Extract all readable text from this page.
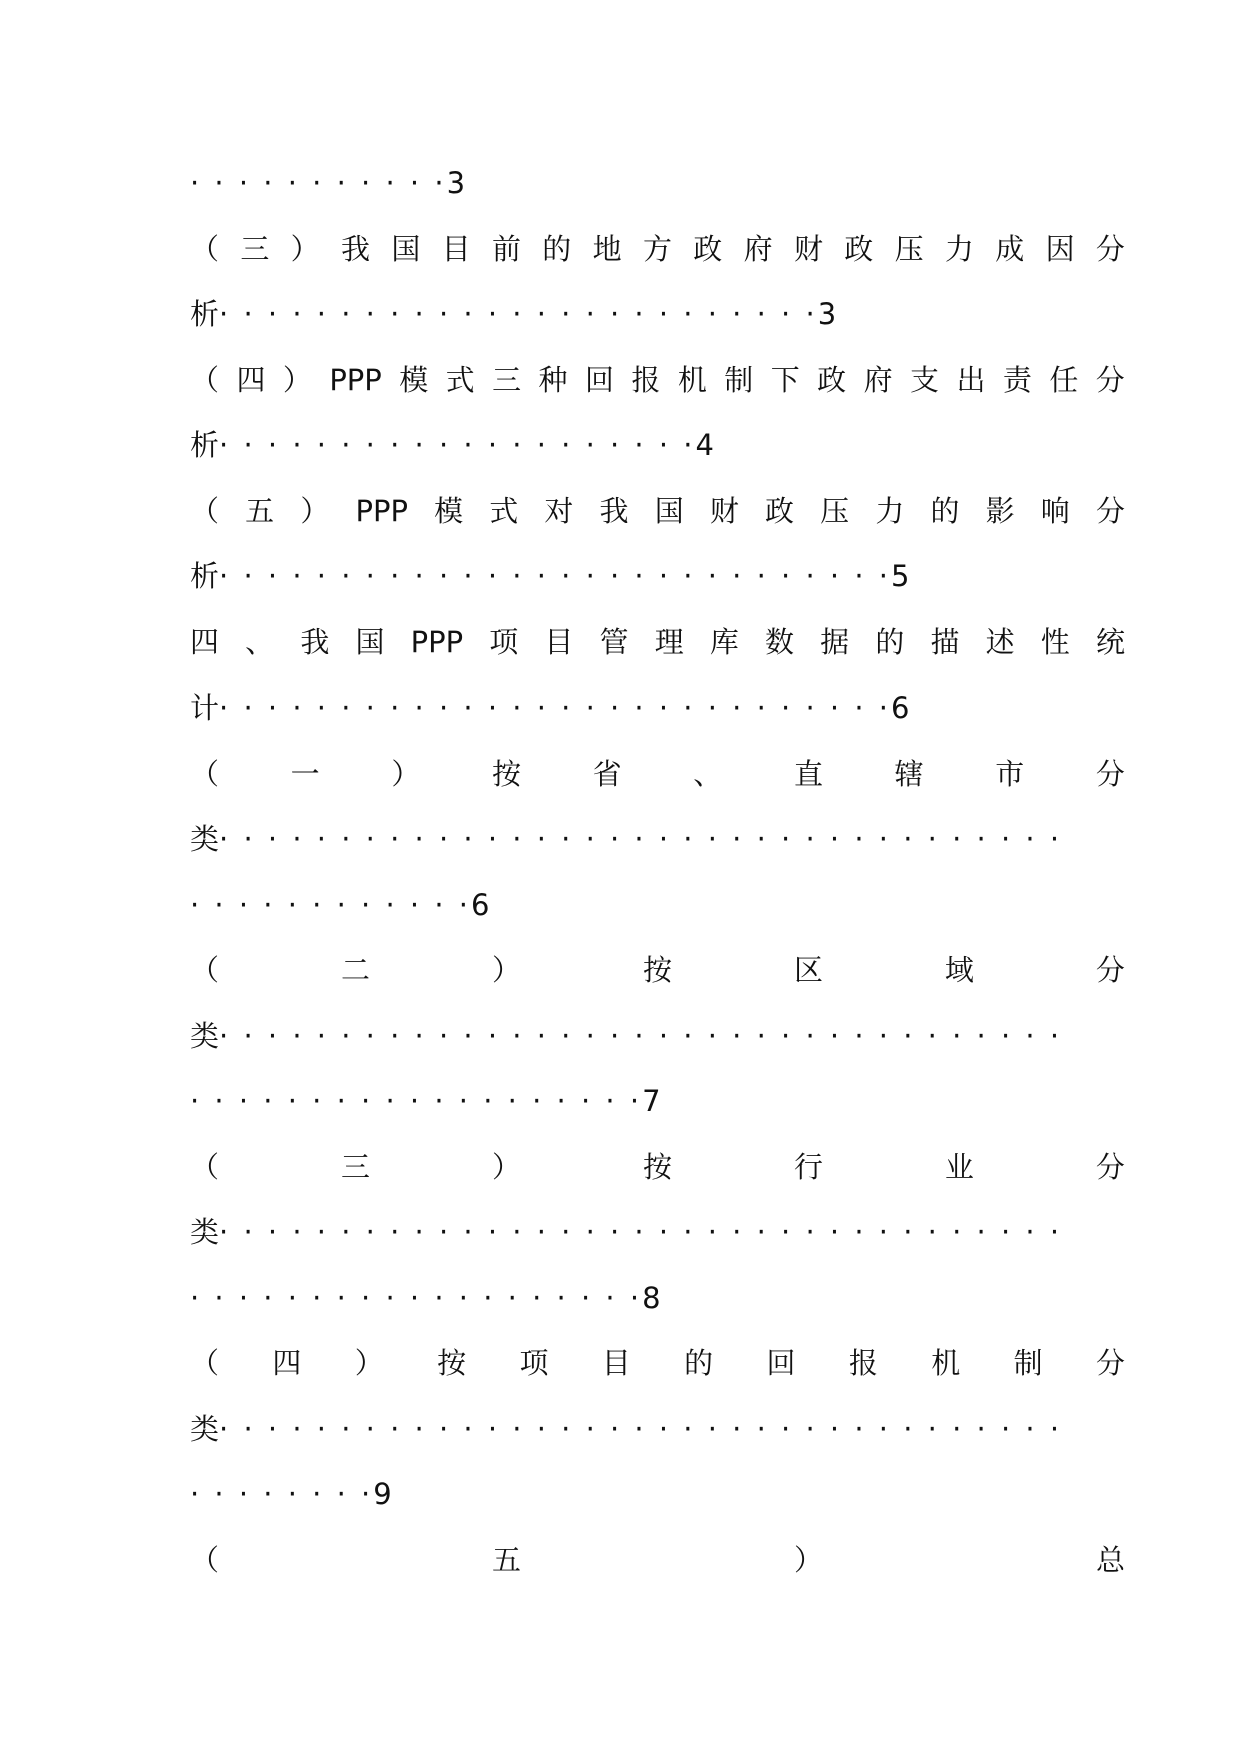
· · · · · · · · · · ·3
（ 三 ） 我 国 目 前 的 地 方 政 府 财 政 压 力 成 因 分
析· · · · · · · · · · · · · · · · · · · · · · · · ·3
（ 四 ） PPP 模 式 三 种 回 报 机 制 下 政 府 支 出 责 任 分
析· · · · · · · · · · · · · · · · · · · ·4
（ 五 ） PPP 模 式 对 我 国 财 政 压 力 的 影 响 分
析· · · · · · · · · · · · · · · · · · · · · · · · · · · ·5
四 、 我 国 PPP 项 目 管 理 库 数 据 的 描 述 性 统
计· · · · · · · · · · · · · · · · · · · · · · · · · · · ·6
（ 一 ） 按 省 、 直 辖 市 分
类· · · · · · · · · · · · · · · · · · · · · · · · · · · · · · · · · · ·
· · · · · · · · · · · ·6
（	二	）	按	区	域	分
类· · · · · · · · · · · · · · · · · · · · · · · · · · · · · · · · · · ·
· · · · · · · · · · · · · · · · · · ·7
（	三	）	按	行	业	分
类· · · · · · · · · · · · · · · · · · · · · · · · · · · · · · · · · · ·
· · · · · · · · · · · · · · · · · · ·8
（ 四 ） 按 项 目 的 回 报 机 制 分
类· · · · · · · · · · · · · · · · · · · · · · · · · · · · · · · · · · ·
· · · · · · · ·9
（	五	）	总
